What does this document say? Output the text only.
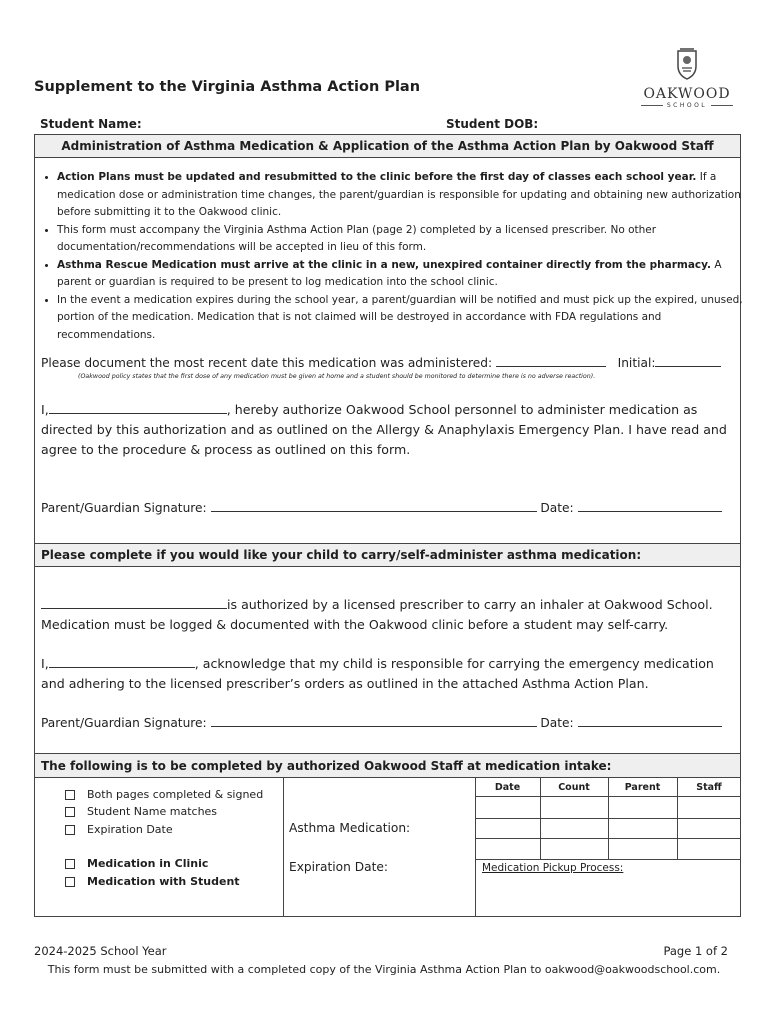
Supplement to the Virginia Asthma Action Plan	OAKWOOD
SCHOOL
Student Name:	Student DOB:
Administration of Asthma Medication & Application of the Asthma Action Plan by Oakwood Staff
• Action Plans must be updated and resubmitted to the clinic before the first day of classes each school year. If a medication dose or administration time changes, the parent/guardian is responsible for updating and obtaining new authorization before submitting it to the Oakwood clinic.
• This form must accompany the Virginia Asthma Action Plan (page 2) completed by a licensed prescriber. No other documentation/recommendations will be accepted in lieu of this form.
• Asthma Rescue Medication must arrive at the clinic in a new, unexpired container directly from the pharmacy. A parent or guardian is required to be present to log medication into the school clinic.
• In the event a medication expires during the school year, a parent/guardian will be notified and must pick up the expired, unused, portion of the medication. Medication that is not claimed will be destroyed in accordance with FDA regulations and recommendations.
Please document the most recent date this medication was administered:	Initial:
(Oakwood policy states that the first dose of any medication must be given at home and a student should be monitored to determine there is no adverse reaction).
I,	, hereby authorize Oakwood School personnel to administer medication as directed by this authorization and as outlined on the Allergy & Anaphylaxis Emergency Plan. I have read and agree to the procedure & process as outlined on this form.
Parent/Guardian Signature:	Date:
Please complete if you would like your child to carry/self-administer asthma medication:
is authorized by a licensed prescriber to carry an inhaler at Oakwood School.
Medication must be logged & documented with the Oakwood clinic before a student may self-carry.
I,	, acknowledge that my child is responsible for carrying the emergency medication
and adhering to the licensed prescriber’s orders as outlined in the attached Asthma Action Plan.
Parent/Guardian Signature:	Date:
The following is to be completed by authorized Oakwood Staff at medication intake:
Date	Count	Parent	Staff
Both pages completed & signed
Student Name matches
Expiration Date
Medication in Clinic
Medication with Student
Asthma Medication:
Expiration Date:	Medication Pickup Process:
2024-2025 School Year	Page 1 of 2
This form must be submitted with a completed copy of the Virginia Asthma Action Plan to oakwood@oakwoodschool.com.
